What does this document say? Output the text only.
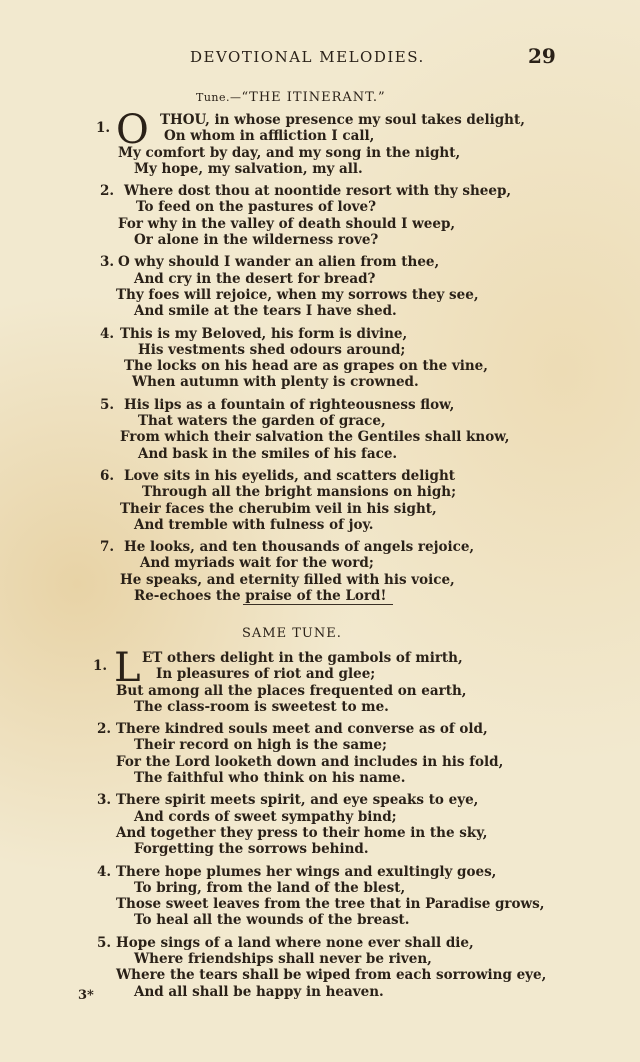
DEVOTIONAL MELODIES.	29
Tune.—“THE ITINERANT.”
1. O THOU, in whose presence my soul takes delight,
On whom in affliction I call,
My comfort by day, and my song in the night,
My hope, my salvation, my all.
2. Where dost thou at noontide resort with thy sheep,
To feed on the pastures of love?
For why in the valley of death should I weep,
Or alone in the wilderness rove?
3. O why should I wander an alien from thee,
And cry in the desert for bread?
Thy foes will rejoice, when my sorrows they see,
And smile at the tears I have shed.
4. This is my Beloved, his form is divine,
His vestments shed odours around;
The locks on his head are as grapes on the vine,
When autumn with plenty is crowned.
5. His lips as a fountain of righteousness flow,
That waters the garden of grace,
From which their salvation the Gentiles shall know,
And bask in the smiles of his face.
6. Love sits in his eyelids, and scatters delight
Through all the bright mansions on high;
Their faces the cherubim veil in his sight,
And tremble with fulness of joy.
7. He looks, and ten thousands of angels rejoice,
And myriads wait for the word;
He speaks, and eternity filled with his voice,
Re-echoes the praise of the Lord!
SAME TUNE.
1. L ET others delight in the gambols of mirth,
In pleasures of riot and glee;
But among all the places frequented on earth,
The class-room is sweetest to me.
2. There kindred souls meet and converse as of old,
Their record on high is the same;
For the Lord looketh down and includes in his fold,
The faithful who think on his name.
3. There spirit meets spirit, and eye speaks to eye,
And cords of sweet sympathy bind;
And together they press to their home in the sky,
Forgetting the sorrows behind.
4. There hope plumes her wings and exultingly goes,
To bring, from the land of the blest,
Those sweet leaves from the tree that in Paradise grows,
To heal all the wounds of the breast.
5. Hope sings of a land where none ever shall die,
Where friendships shall never be riven,
Where the tears shall be wiped from each sorrowing eye,
And all shall be happy in heaven.
3*
